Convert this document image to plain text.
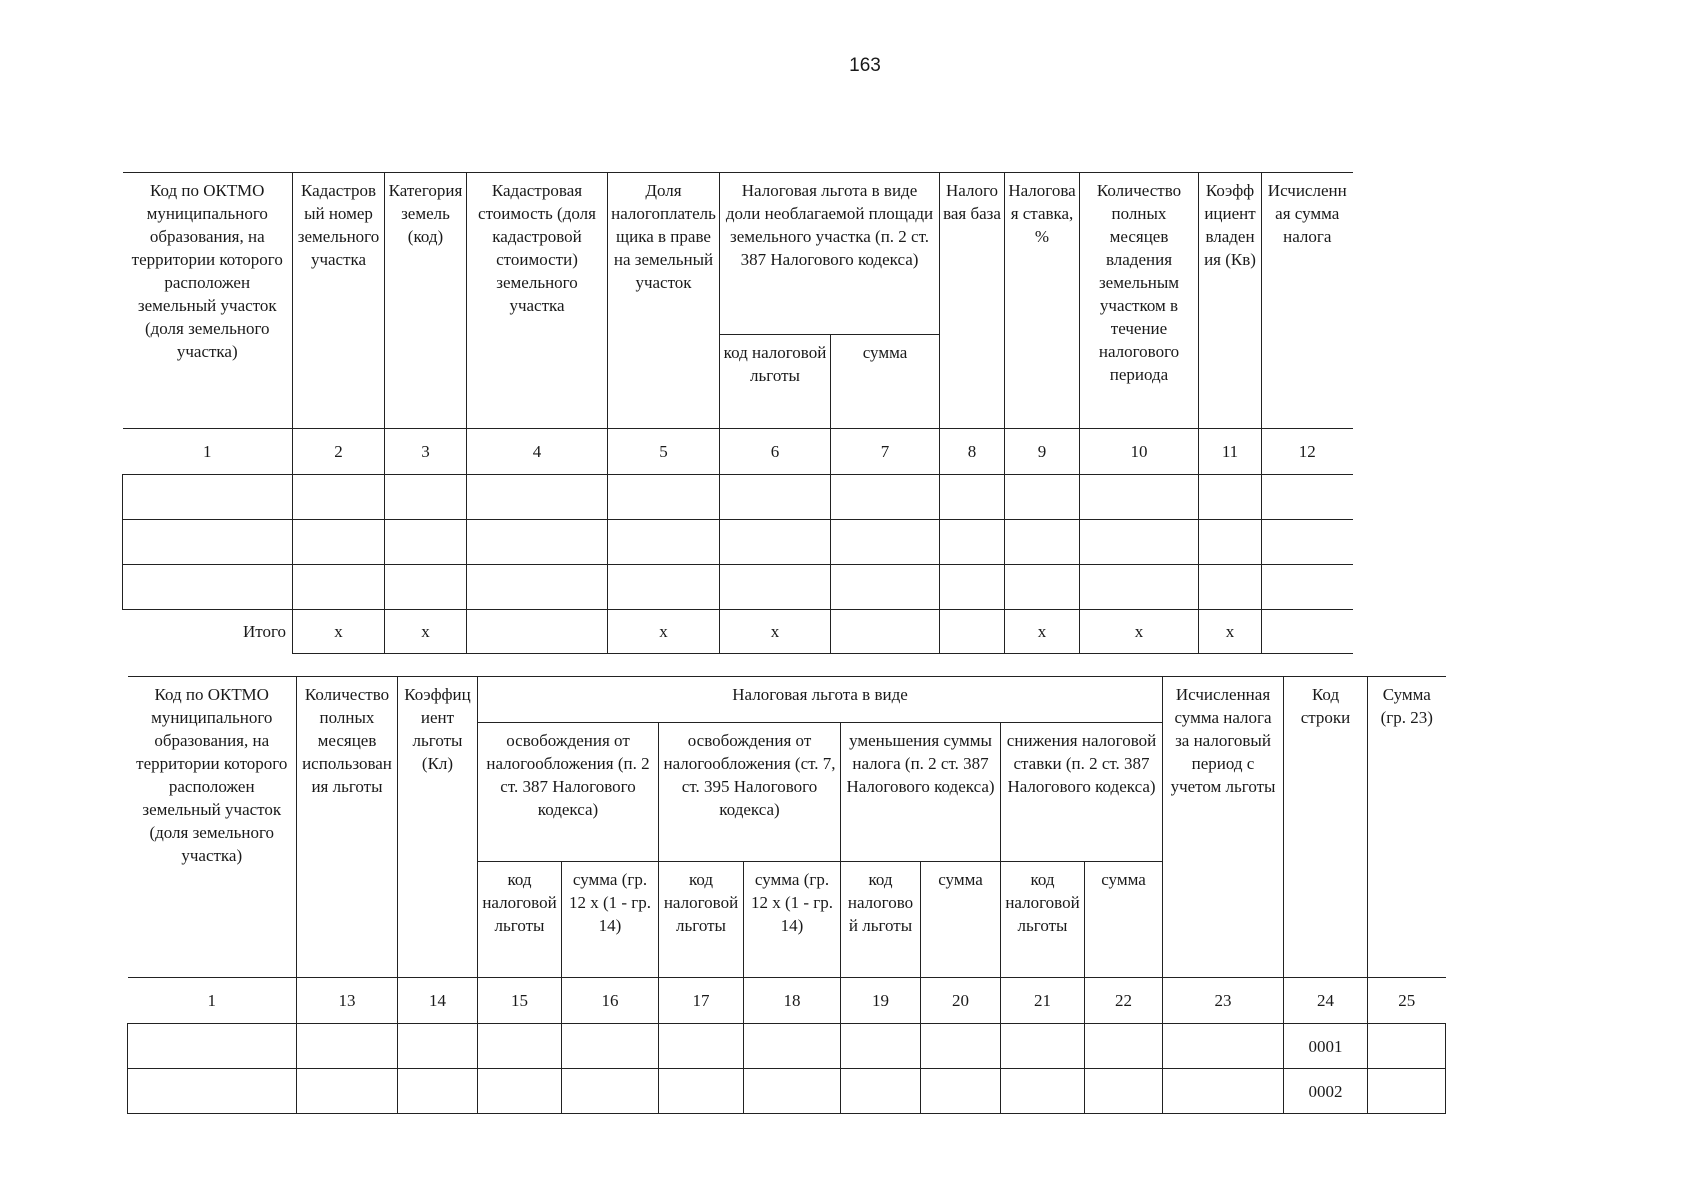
163
Код по ОКТМО муниципального образования, на территории которого расположен земельный участок (доля земельного участка)	Кадастровый номер земельного участка	Категория земель (код)	Кадастровая стоимость (доля кадастровой стоимости) земельного участка	Доля налогоплательщика в праве на земельный участок	Налоговая льгота в виде доли необлагаемой площади земельного участка (п. 2 ст. 387 Налогового кодекса)		Налоговая база	Налоговая ставка, %	Количество полных месяцев владения земельным участком в течение налогового периода	Коэффициент владения (Кв)	Исчисленная сумма налога
					код налоговой льготы	сумма					
1	2	3	4	5	6	7	8	9	10	11	12

Итого	x	x		x	x			x	x	x	
Код по ОКТМО муниципального образования, на территории которого расположен земельный участок (доля земельного участка)	Количество полных месяцев использования льготы	Коэффициент льготы (Кл)	Налоговая льгота в виде								Исчисленная сумма налога за налоговый период с учетом льготы	Код строки	Сумма (гр. 23)
			освобождения от налогообложения (п. 2 ст. 387 Налогового кодекса)		освобождения от налогообложения (ст. 7, ст. 395 Налогового кодекса)		уменьшения суммы налога (п. 2 ст. 387 Налогового кодекса)		снижения налоговой ставки (п. 2 ст. 387 Налогового кодекса)				
			код налоговой льготы	сумма (гр. 12 х (1 - гр. 14)	код налоговой льготы	сумма (гр. 12 х (1 - гр. 14)	код налоговой льготы	сумма	код налоговой льготы	сумма			
1	13	14	15	16	17	18	19	20	21	22	23	24	25
												0001	
												0002	
